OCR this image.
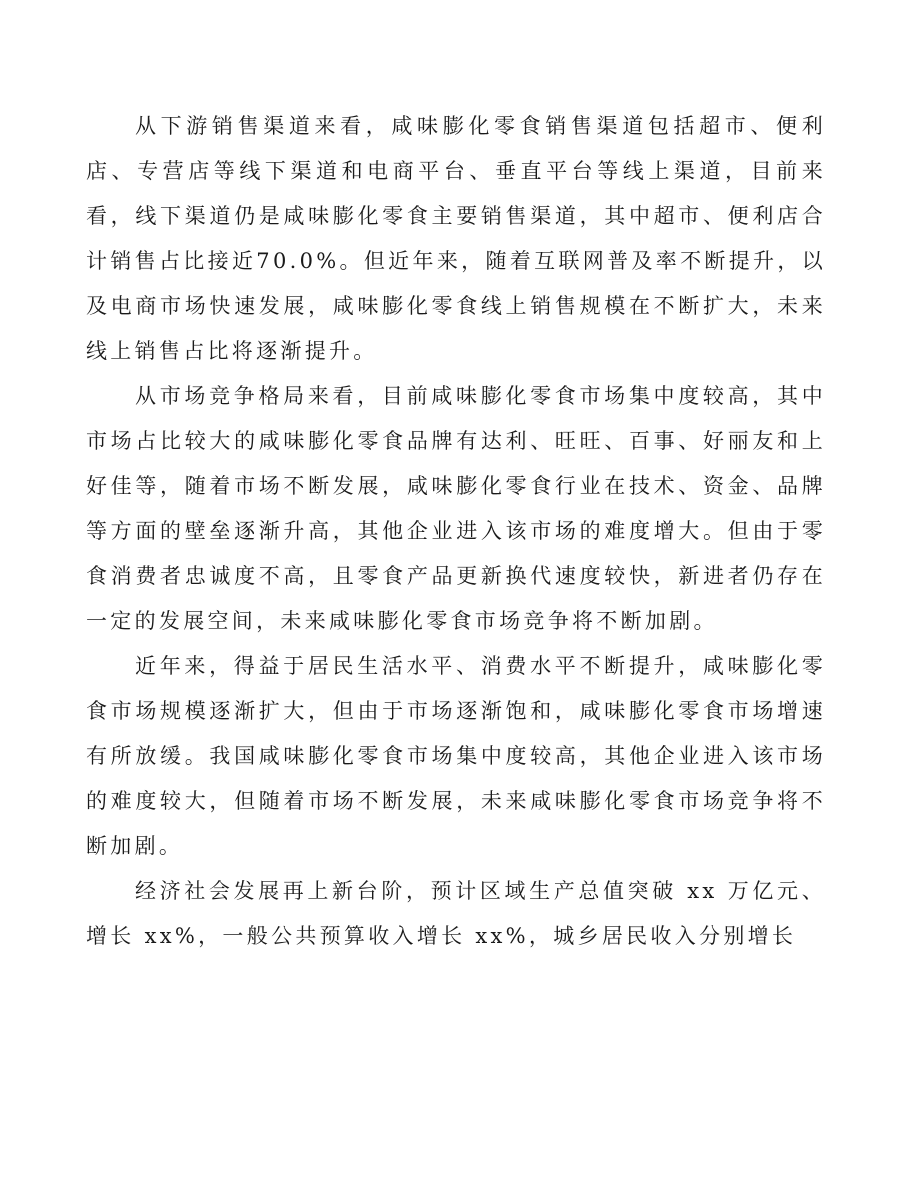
从下游销售渠道来看，咸味膨化零食销售渠道包括超市、便利店、专营店等线下渠道和电商平台、垂直平台等线上渠道，目前来看，线下渠道仍是咸味膨化零食主要销售渠道，其中超市、便利店合计销售占比接近70.0%。但近年来，随着互联网普及率不断提升，以及电商市场快速发展，咸味膨化零食线上销售规模在不断扩大，未来线上销售占比将逐渐提升。

从市场竞争格局来看，目前咸味膨化零食市场集中度较高，其中市场占比较大的咸味膨化零食品牌有达利、旺旺、百事、好丽友和上好佳等，随着市场不断发展，咸味膨化零食行业在技术、资金、品牌等方面的壁垒逐渐升高，其他企业进入该市场的难度增大。但由于零食消费者忠诚度不高，且零食产品更新换代速度较快，新进者仍存在一定的发展空间，未来咸味膨化零食市场竞争将不断加剧。

近年来，得益于居民生活水平、消费水平不断提升，咸味膨化零食市场规模逐渐扩大，但由于市场逐渐饱和，咸味膨化零食市场增速有所放缓。我国咸味膨化零食市场集中度较高，其他企业进入该市场的难度较大，但随着市场不断发展，未来咸味膨化零食市场竞争将不断加剧。

经济社会发展再上新台阶，预计区域生产总值突破 xx 万亿元、增长 xx%，一般公共预算收入增长 xx%，城乡居民收入分别增长
